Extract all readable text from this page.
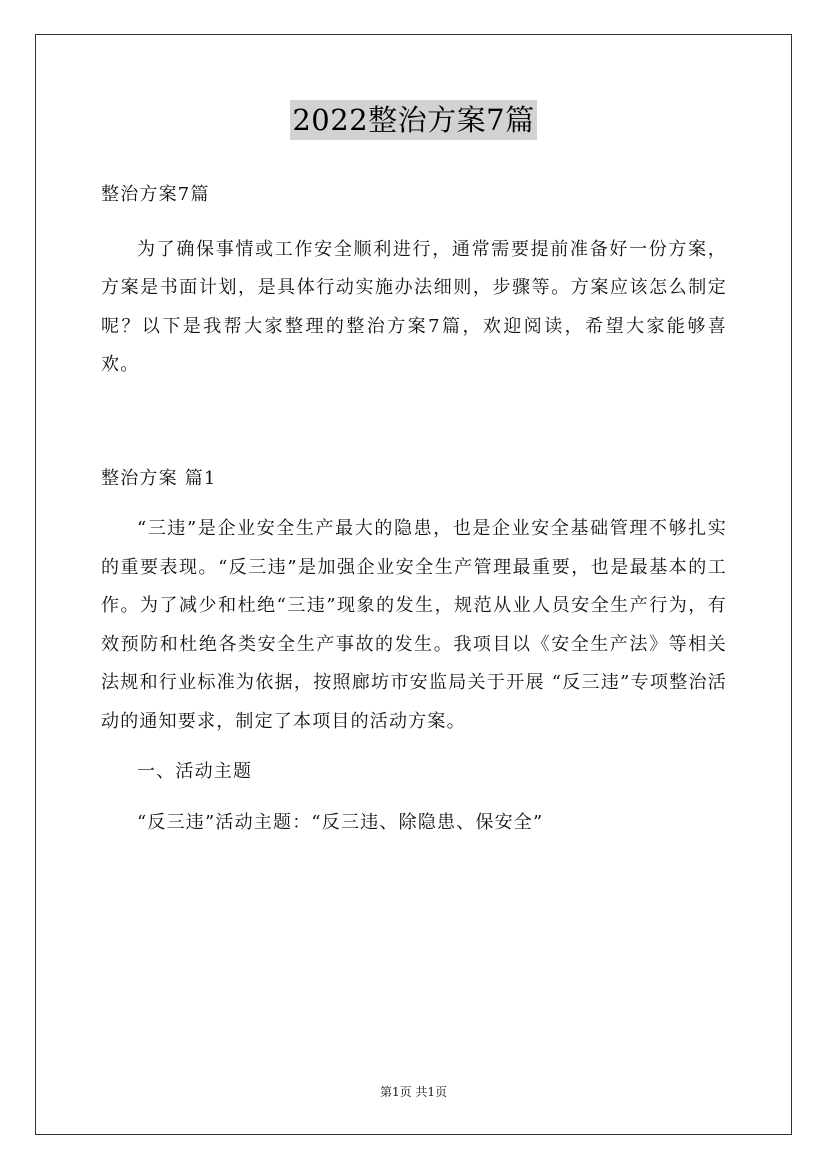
2022整治方案7篇

整治方案7篇

为了确保事情或工作安全顺利进行，通常需要提前准备好一份方案，方案是书面计划，是具体行动实施办法细则，步骤等。方案应该怎么制定呢？以下是我帮大家整理的整治方案7篇，欢迎阅读，希望大家能够喜欢。

整治方案 篇1

“三违”是企业安全生产最大的隐患，也是企业安全基础管理不够扎实的重要表现。“反三违”是加强企业安全生产管理最重要，也是最基本的工作。为了减少和杜绝“三违”现象的发生，规范从业人员安全生产行为，有效预防和杜绝各类安全生产事故的发生。我项目以《安全生产法》等相关法规和行业标准为依据，按照廊坊市安监局关于开展 “反三违”专项整治活动的通知要求，制定了本项目的活动方案。

一、活动主题

“反三违”活动主题：“反三违、除隐患、保安全”

第1页 共1页
